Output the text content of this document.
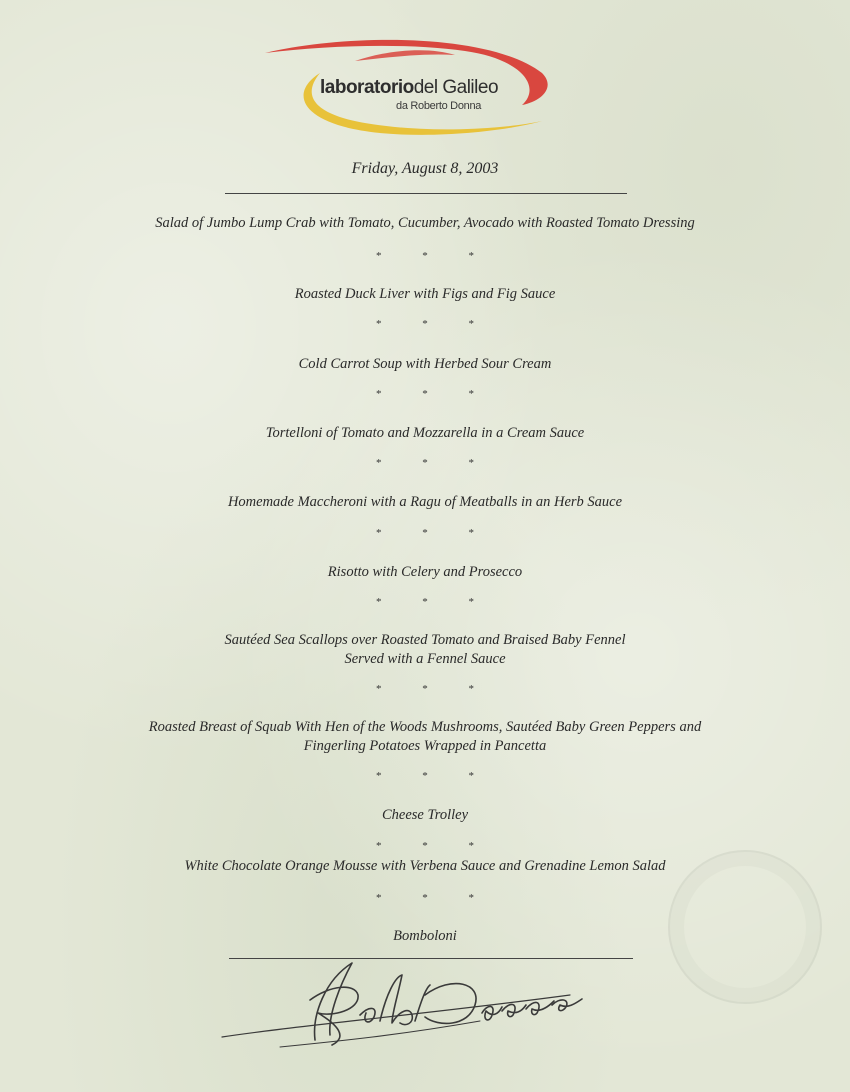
laboratoriodel Galileo
da Roberto Donna
Friday, August 8, 2003
Salad of Jumbo Lump Crab with Tomato, Cucumber, Avocado with Roasted Tomato Dressing
* * *
Roasted Duck Liver with Figs and Fig Sauce
* * *
Cold Carrot Soup with Herbed Sour Cream
* * *
Tortelloni of Tomato and Mozzarella in a Cream Sauce
* * *
Homemade Maccheroni with a Ragu of Meatballs in an Herb Sauce
* * *
Risotto with Celery and Prosecco
* * *
Sautéed Sea Scallops over Roasted Tomato and Braised Baby Fennel
Served with a Fennel Sauce
* * *
Roasted Breast of Squab With Hen of the Woods Mushrooms, Sautéed Baby Green Peppers and
Fingerling Potatoes Wrapped in Pancetta
* * *
Cheese Trolley
* * *
White Chocolate Orange Mousse with Verbena Sauce and Grenadine Lemon Salad
* * *
Bomboloni
